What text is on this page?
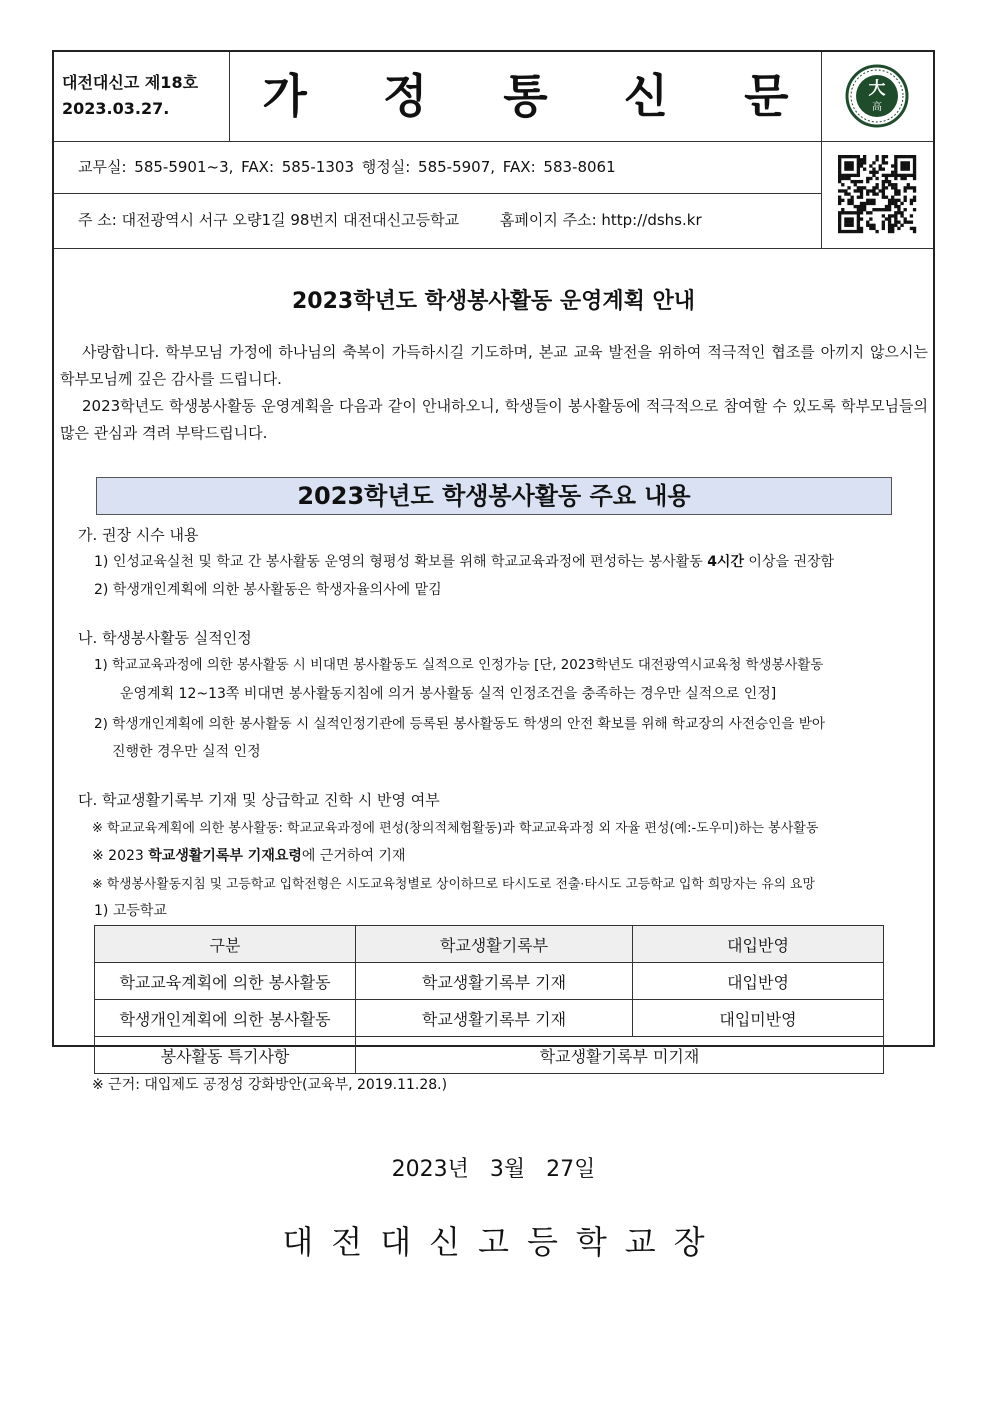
대전대신고 제18호
2023.03.27.	가 정 통 신 문	大
高
교무실: 585-5901~3, FAX: 585-1303 행정실: 585-5907, FAX: 583-8061
주 소: 대전광역시 서구 오량1길 98번지 대전대신고등학교	홈페이지 주소: http://dshs.kr
2023학년도 학생봉사활동 운영계획 안내

사랑합니다. 학부모님 가정에 하나님의 축복이 가득하시길 기도하며, 본교 교육 발전을 위하여 적극적인 협조를 아끼지 않으시는 학부모님께 깊은 감사를 드립니다.

2023학년도 학생봉사활동 운영계획을 다음과 같이 안내하오니, 학생들이 봉사활동에 적극적으로 참여할 수 있도록 학부모님들의 많은 관심과 격려 부탁드립니다.

2023학년도 학생봉사활동 주요 내용
가. 권장 시수 내용
1) 인성교육실천 및 학교 간 봉사활동 운영의 형평성 확보를 위해 학교교육과정에 편성하는 봉사활동 4시간 이상을 권장함
2) 학생개인계획에 의한 봉사활동은 학생자율의사에 맡김
나. 학생봉사활동 실적인정
1) 학교교육과정에 의한 봉사활동 시 비대면 봉사활동도 실적으로 인정가능 [단, 2023학년도 대전광역시교육청 학생봉사활동
운영계획 12~13쪽 비대면 봉사활동지침에 의거 봉사활동 실적 인정조건을 충족하는 경우만 실적으로 인정]
2) 학생개인계획에 의한 봉사활동 시 실적인정기관에 등록된 봉사활동도 학생의 안전 확보를 위해 학교장의 사전승인을 받아
진행한 경우만 실적 인정
다. 학교생활기록부 기재 및 상급학교 진학 시 반영 여부
※ 학교교육계획에 의한 봉사활동: 학교교육과정에 편성(창의적체험활동)과 학교교육과정 외 자율 편성(예:-도우미)하는 봉사활동
※ 2023 학교생활기록부 기재요령에 근거하여 기재
※ 학생봉사활동지침 및 고등학교 입학전형은 시도교육청별로 상이하므로 타시도로 전출·타시도 고등학교 입학 희망자는 유의 요망
1) 고등학교
구분	학교생활기록부	대입반영
학교교육계획에 의한 봉사활동	학교생활기록부 기재	대입반영
학생개인계획에 의한 봉사활동	학교생활기록부 기재	대입미반영
봉사활동 특기사항	학교생활기록부 미기재	
※ 근거: 대입제도 공정성 강화방안(교육부, 2019.11.28.)
2023년 3월 27일
대전대신고등학교장
